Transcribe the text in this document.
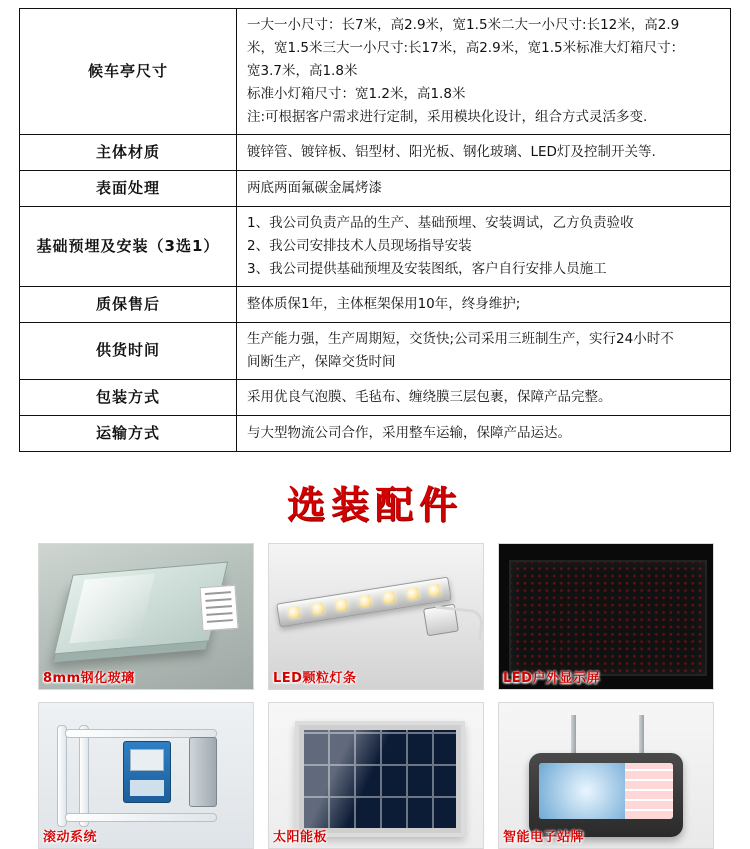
候车亭尺寸	一大一小尺寸：长7米，高2.9米，宽1.5米二大一小尺寸:长12米，高2.9

米，宽1.5米三大一小尺寸:长17米，高2.9米，宽1.5米标准大灯箱尺寸：

宽3.7米，高1.8米

标准小灯箱尺寸：宽1.2米，高1.8米

注:可根据客户需求进行定制，采用模块化设计，组合方式灵活多变.

主体材质	镀锌管、镀锌板、铝型材、阳光板、钢化玻璃、LED灯及控制开关等.

表面处理	两底两面氟碳金属烤漆

基础预埋及安装（3选1）	1、我公司负责产品的生产、基础预埋、安装调试，乙方负责验收

2、我公司安排技术人员现场指导安装

3、我公司提供基础预埋及安装图纸，客户自行安排人员施工

质保售后	整体质保1年，主体框架保用10年，终身维护;

供货时间	生产能力强，生产周期短，交货快;公司采用三班制生产，实行24小时不

间断生产，保障交货时间

包装方式	采用优良气泡膜、毛毡布、缠绕膜三层包裹，保障产品完整。

运输方式	与大型物流公司合作，采用整车运输，保障产品运达。

选装配件
8mm钢化玻璃	LED颗粒灯条	LED户外显示屏
滚动系统	太阳能板	智能电子站牌
